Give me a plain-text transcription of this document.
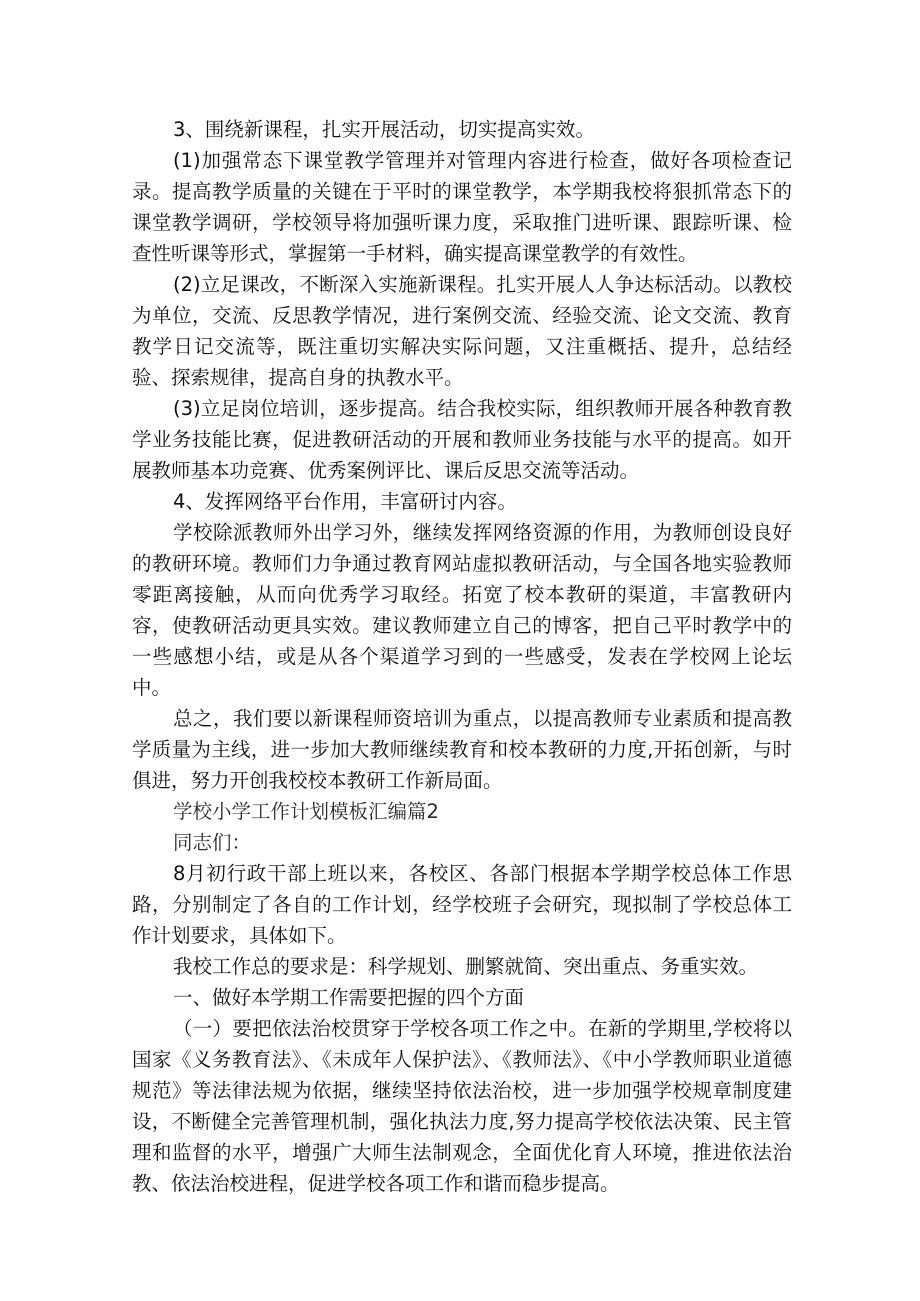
3、围绕新课程，扎实开展活动，切实提高实效。

(1)加强常态下课堂教学管理并对管理内容进行检查，做好各项检查记录。提高教学质量的关键在于平时的课堂教学，本学期我校将狠抓常态下的课堂教学调研，学校领导将加强听课力度，采取推门进听课、跟踪听课、检查性听课等形式，掌握第一手材料，确实提高课堂教学的有效性。

(2)立足课改，不断深入实施新课程。扎实开展人人争达标活动。以教校为单位，交流、反思教学情况，进行案例交流、经验交流、论文交流、教育教学日记交流等，既注重切实解决实际问题，又注重概括、提升，总结经验、探索规律，提高自身的执教水平。

(3)立足岗位培训，逐步提高。结合我校实际，组织教师开展各种教育教学业务技能比赛，促进教研活动的开展和教师业务技能与水平的提高。如开展教师基本功竞赛、优秀案例评比、课后反思交流等活动。

4、发挥网络平台作用，丰富研讨内容。

学校除派教师外出学习外，继续发挥网络资源的作用，为教师创设良好的教研环境。教师们力争通过教育网站虚拟教研活动，与全国各地实验教师零距离接触，从而向优秀学习取经。拓宽了校本教研的渠道，丰富教研内容，使教研活动更具实效。建议教师建立自己的博客，把自己平时教学中的一些感想小结，或是从各个渠道学习到的一些感受，发表在学校网上论坛中。

总之，我们要以新课程师资培训为重点，以提高教师专业素质和提高教学质量为主线，进一步加大教师继续教育和校本教研的力度,开拓创新，与时俱进，努力开创我校校本教研工作新局面。

学校小学工作计划模板汇编篇2

同志们：

8月初行政干部上班以来，各校区、各部门根据本学期学校总体工作思路，分别制定了各自的工作计划，经学校班子会研究，现拟制了学校总体工作计划要求，具体如下。

我校工作总的要求是：科学规划、删繁就简、突出重点、务重实效。

一、做好本学期工作需要把握的四个方面

（一）要把依法治校贯穿于学校各项工作之中。在新的学期里,学校将以国家《义务教育法》、《未成年人保护法》、《教师法》、《中小学教师职业道德规范》等法律法规为依据，继续坚持依法治校，进一步加强学校规章制度建设，不断健全完善管理机制，强化执法力度,努力提高学校依法决策、民主管理和监督的水平，增强广大师生法制观念，全面优化育人环境，推进依法治教、依法治校进程，促进学校各项工作和谐而稳步提高。
